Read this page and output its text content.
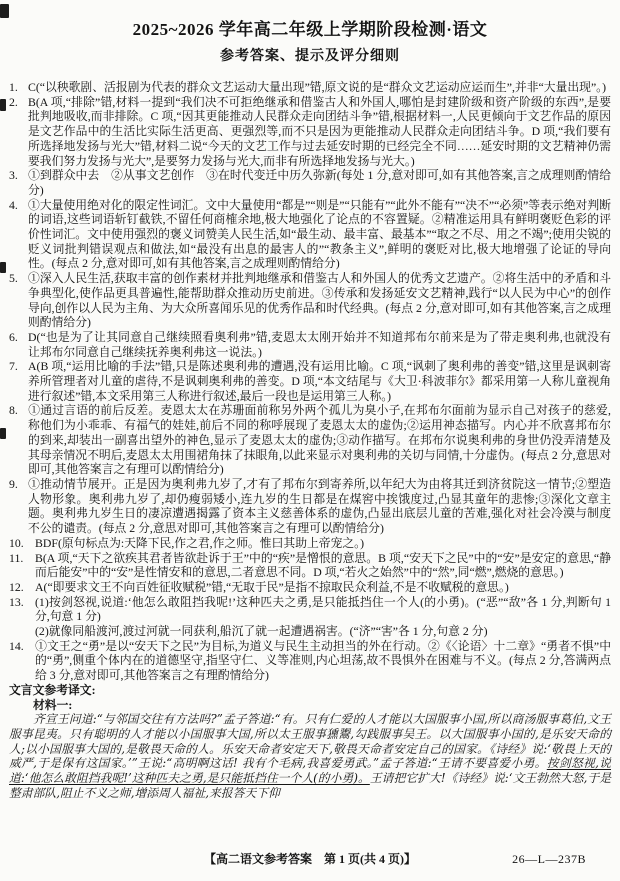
2025~2026 学年高二年级上学期阶段检测·语文
参考答案、提示及评分细则

1. C(“以秧歌剧、活报剧为代表的群众文艺运动大量出现”错,原文说的是“群众文艺运动应运而生”,并非“大量出现”。)

2. B(A 项,“排除”错,材料一提到“我们决不可拒绝继承和借鉴古人和外国人,哪怕是封建阶级和资产阶级的东西”,是要批判地吸收,而非排除。C 项,“因其更能推动人民群众走向团结斗争”错,根据材料一,人民更倾向于文艺作品的原因是文艺作品中的生活比实际生活更高、更强烈等,而不只是因为更能推动人民群众走向团结斗争。D 项,“我们要有所选择地发扬与光大”错,材料二说“今天的文艺工作与过去延安时期的已经完全不同……延安时期的文艺精神仍需要我们努力发扬与光大”,是要努力发扬与光大,而非有所选择地发扬与光大。)

3. ①到群众中去　②从事文艺创作　③在时代变迁中历久弥新(每处 1 分,意对即可,如有其他答案,言之成理则酌情给分)

4. ①大量使用绝对化的限定性词汇。文中大量使用“都是”“则是”“只能有”“此外不能有”“决不”“必须”等表示绝对判断的词语,这些词语斩钉截铁,不留任何商榷余地,极大地强化了论点的不容置疑。②精准运用具有鲜明褒贬色彩的评价性词汇。文中使用强烈的褒义词赞美人民生活,如“最生动、最丰富、最基本”“取之不尽、用之不竭”;使用尖锐的贬义词批判错误观点和做法,如“最没有出息的最害人的”“教条主义”,鲜明的褒贬对比,极大地增强了论证的导向性。(每点 2 分,意对即可,如有其他答案,言之成理则酌情给分)

5. ①深入人民生活,获取丰富的创作素材并批判地继承和借鉴古人和外国人的优秀文艺遗产。②将生活中的矛盾和斗争典型化,使作品更具普遍性,能帮助群众推动历史前进。③传承和发扬延安文艺精神,践行“以人民为中心”的创作导向,创作以人民为主角、为大众所喜闻乐见的优秀作品和时代经典。(每点 2 分,意对即可,如有其他答案,言之成理则酌情给分)

6. D(“也是为了让其同意自己继续照看奥利弗”错,麦恩太太刚开始并不知道邦布尔前来是为了带走奥利弗,也就没有让邦布尔同意自己继续抚养奥利弗这一说法。)

7. A(B 项,“运用比喻的手法”错,只是陈述奥利弗的遭遇,没有运用比喻。C 项,“讽刺了奥利弗的善变”错,这里是讽刺寄养所管理者对儿童的虐待,不是讽刺奥利弗的善变。D 项,“本文结尾与《大卫·科波菲尔》都采用第一人称儿童视角进行叙述”错,本文采用第三人称进行叙述,最后一段也是运用第三人称。)

8. ①通过言语的前后反差。麦恩太太在苏珊面前称另外两个孤儿为臭小子,在邦布尔面前为显示自己对孩子的慈爱,称他们为小乖乖、有福气的娃娃,前后不同的称呼展现了麦恩太太的虚伪;②运用神态描写。内心并不欣喜邦布尔的到来,却装出一副喜出望外的神色,显示了麦恩太太的虚伪;③动作描写。在邦布尔说奥利弗的身世仍没弄清楚及其母亲情况不明后,麦恩太太用围裙角抹了抹眼角,以此来显示对奥利弗的关切与同情,十分虚伪。(每点 2 分,意思对即可,其他答案言之有理可以酌情给分)

9. ①推动情节展开。正是因为奥利弗九岁了,才有了邦布尔到寄养所,以年纪大为由将其迁到济贫院这一情节;②塑造人物形象。奥利弗九岁了,却仍瘦弱矮小,连九岁的生日都是在煤窖中挨饿度过,凸显其童年的悲惨;③深化文章主题。奥利弗九岁生日的凄凉遭遇揭露了资本主义慈善体系的虚伪,凸显出底层儿童的苦难,强化对社会冷漠与制度不公的谴责。(每点 2 分,意思对即可,其他答案言之有理可以酌情给分)

10. BDF(原句标点为:天降下民,作之君,作之师。惟曰其助上帝宠之。)

11. B(A 项,“天下之欲疾其君者皆欲赴诉于王”中的“疾”是憎恨的意思。B 项,“安天下之民”中的“安”是安定的意思,“静而后能安”中的“安”是性情安和的意思,二者意思不同。D 项,“若火之始然”中的“然”,同“燃”,燃烧的意思。)

12. A(“即要求文王不向百姓征收赋税”错,“无取于民”是指不掠取民众利益,不是不收赋税的意思。)

13. (1)按剑怒视,说道:‘他怎么敢阻挡我呢!’这种匹夫之勇,是只能抵挡住一个人(的小勇)。(“恶”“敌”各 1 分,判断句 1 分,句意 1 分)

(2)就像同船渡河,渡过河就一同获利,船沉了就一起遭遇祸害。(“济”“害”各 1 分,句意 2 分)

14. ①文王之“勇”是以“安天下之民”为目标,为道义与民生主动担当的外在行动。②《〈论语〉十二章》“勇者不惧”中的“勇”,侧重个体内在的道德坚守,指坚守仁、义等准则,内心坦荡,故不畏惧外在困难与不义。(每点 2 分,答满两点给 3 分,意对即可,其他答案言之有理酌情给分)

文言文参考译文:

材料一:

齐宣王问道:“与邻国交往有方法吗?”孟子答道:“有。只有仁爱的人才能以大国服事小国,所以商汤服事葛伯,文王服事昆夷。只有聪明的人才能以小国服事大国,所以太王服事獯鬻,勾践服事吴王。以大国服事小国的,是乐安天命的人;以小国服事大国的,是敬畏天命的人。乐安天命者安定天下,敬畏天命者安定自己的国家。《诗经》说:‘敬畏上天的威严,于是保有这国家。’”王说:“高明啊这话! 我有个毛病,我喜爱勇武。”孟子答道:“王请不要喜爱小勇。按剑怒视,说道:‘他怎么敢阻挡我呢!’这种匹夫之勇,是只能抵挡住一个人(的小勇)。王请把它扩大!《诗经》说:‘文王勃然大怒,于是整肃部队,阻止不义之师,增添周人福祉,来报答天下仰

【高二语文参考答案　第 1 页(共 4 页)】	26—L—237B
